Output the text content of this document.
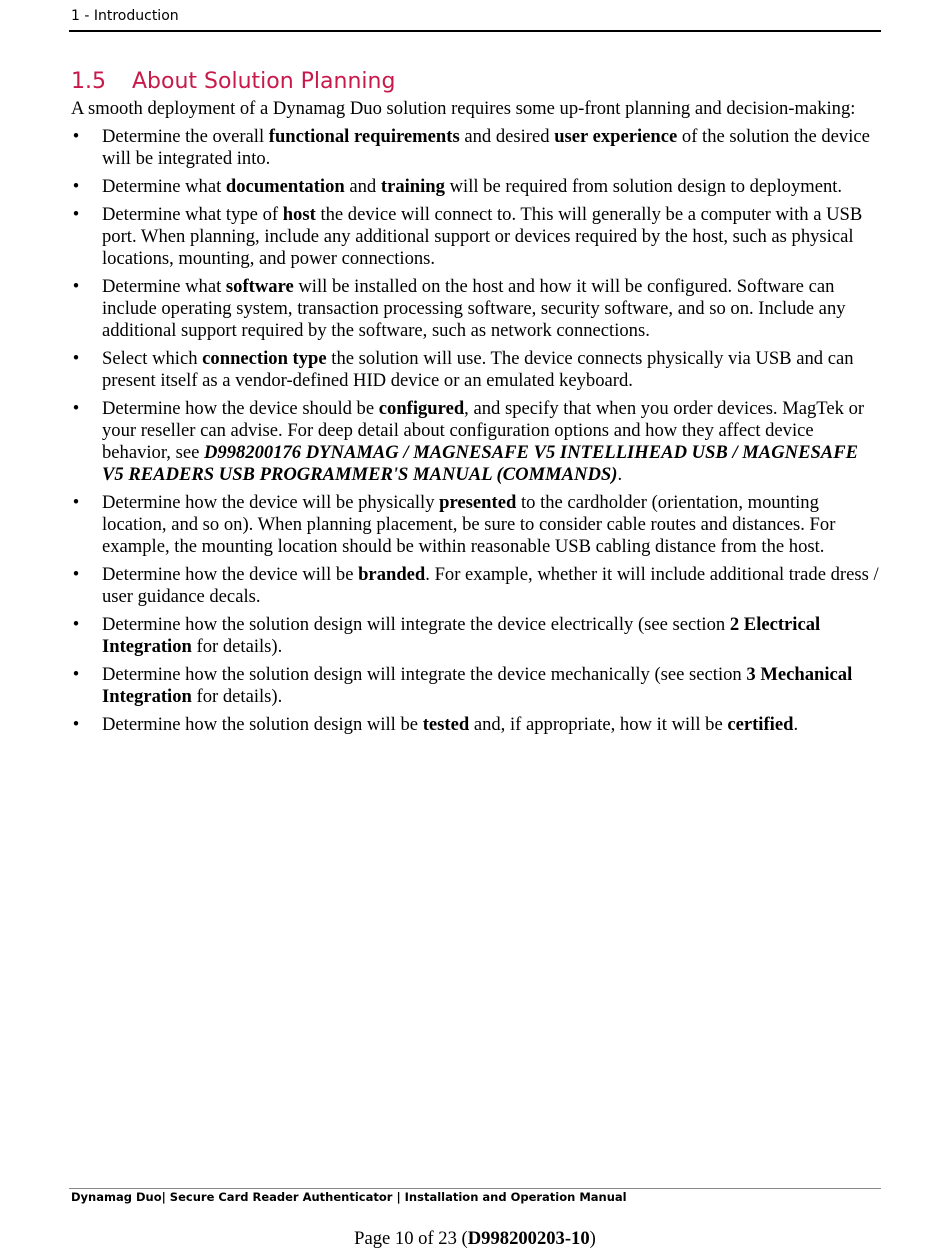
1 - Introduction
1.5 About Solution Planning

A smooth deployment of a Dynamag Duo solution requires some up-front planning and decision-making:

• Determine the overall functional requirements and desired user experience of the solution the device will be integrated into.
• Determine what documentation and training will be required from solution design to deployment.
• Determine what type of host the device will connect to. This will generally be a computer with a USB port. When planning, include any additional support or devices required by the host, such as physical locations, mounting, and power connections.
• Determine what software will be installed on the host and how it will be configured. Software can include operating system, transaction processing software, security software, and so on. Include any additional support required by the software, such as network connections.
• Select which connection type the solution will use. The device connects physically via USB and can present itself as a vendor-defined HID device or an emulated keyboard.
• Determine how the device should be configured, and specify that when you order devices. MagTek or your reseller can advise. For deep detail about configuration options and how they affect device behavior, see D998200176 DYNAMAG / MAGNESAFE V5 INTELLIHEAD USB / MAGNESAFE V5 READERS USB PROGRAMMER'S MANUAL (COMMANDS).
• Determine how the device will be physically presented to the cardholder (orientation, mounting location, and so on). When planning placement, be sure to consider cable routes and distances. For example, the mounting location should be within reasonable USB cabling distance from the host.
• Determine how the device will be branded. For example, whether it will include additional trade dress / user guidance decals.
• Determine how the solution design will integrate the device electrically (see section 2 Electrical Integration for details).
• Determine how the solution design will integrate the device mechanically (see section 3 Mechanical Integration for details).
• Determine how the solution design will be tested and, if appropriate, how it will be certified.
Dynamag Duo| Secure Card Reader Authenticator | Installation and Operation Manual
Page 10 of 23 (D998200203-10)
